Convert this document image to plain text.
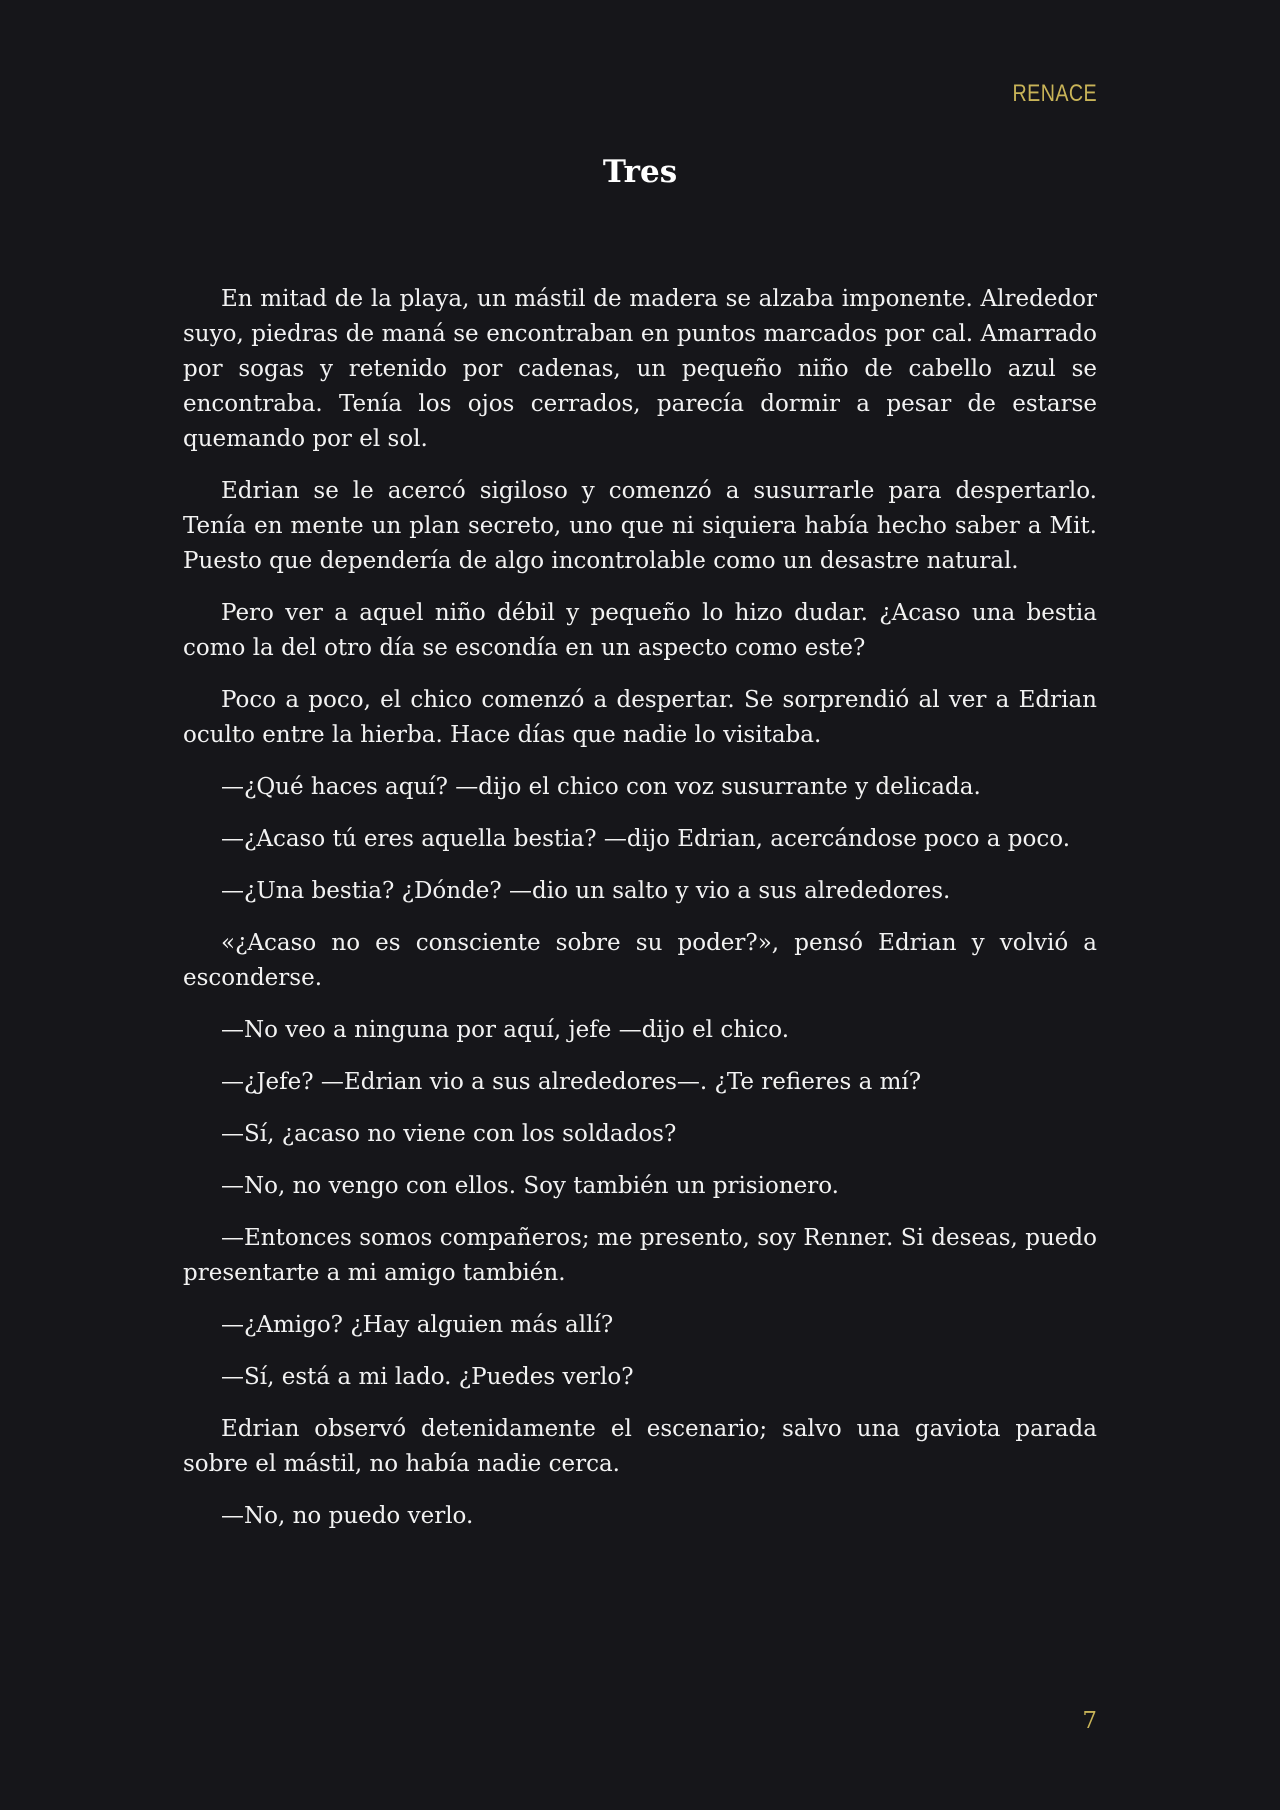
RENACE
Tres

En mitad de la playa, un mástil de madera se alzaba imponente. Alrededor suyo, piedras de maná se encontraban en puntos marcados por cal. Amarrado por sogas y retenido por cadenas, un pequeño niño de cabello azul se encontraba. Tenía los ojos cerrados, parecía dormir a pesar de estarse quemando por el sol.

Edrian se le acercó sigiloso y comenzó a susurrarle para despertarlo. Tenía en mente un plan secreto, uno que ni siquiera había hecho saber a Mit. Puesto que dependería de algo incontrolable como un desastre natural.

Pero ver a aquel niño débil y pequeño lo hizo dudar. ¿Acaso una bestia como la del otro día se escondía en un aspecto como este?

Poco a poco, el chico comenzó a despertar. Se sorprendió al ver a Edrian oculto entre la hierba. Hace días que nadie lo visitaba.

—¿Qué haces aquí? —dijo el chico con voz susurrante y delicada.

—¿Acaso tú eres aquella bestia? —dijo Edrian, acercándose poco a poco.

—¿Una bestia? ¿Dónde? —dio un salto y vio a sus alrededores.

«¿Acaso no es consciente sobre su poder?», pensó Edrian y volvió a esconderse.

—No veo a ninguna por aquí, jefe —dijo el chico.

—¿Jefe? —Edrian vio a sus alrededores—. ¿Te refieres a mí?

—Sí, ¿acaso no viene con los soldados?

—No, no vengo con ellos. Soy también un prisionero.

—Entonces somos compañeros; me presento, soy Renner. Si deseas, puedo presentarte a mi amigo también.

—¿Amigo? ¿Hay alguien más allí?

—Sí, está a mi lado. ¿Puedes verlo?

Edrian observó detenidamente el escenario; salvo una gaviota parada sobre el mástil, no había nadie cerca.

—No, no puedo verlo.

7
